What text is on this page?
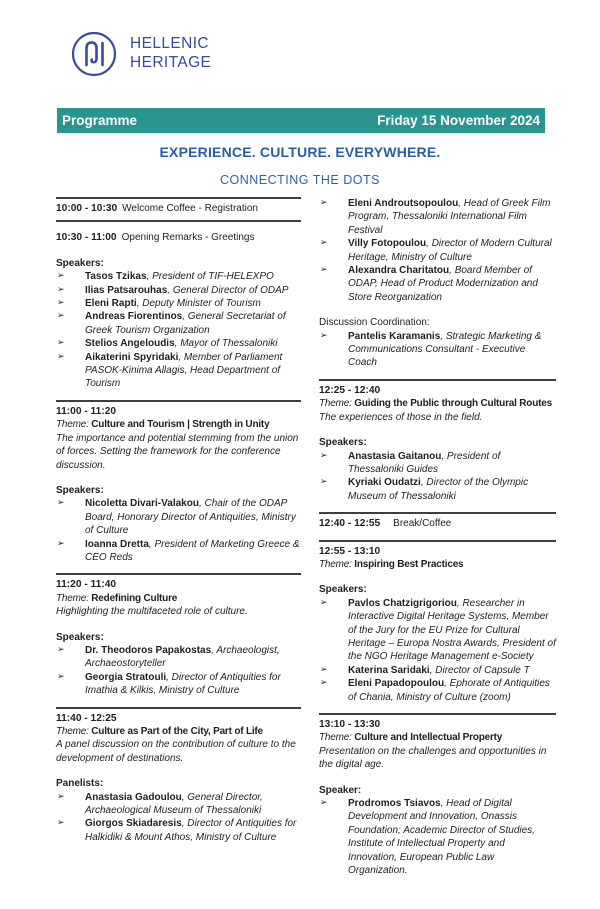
HELLENIC
HERITAGE
Programme	Friday 15 November 2024
EXPERIENCE. CULTURE. EVERYWHERE.
CONNECTING THE DOTS
10:00 - 10:30 Welcome Coffee - Registration
10:30 - 11:00 Opening Remarks - Greetings
Speakers:
➢	Tasos Tzikas, President of TIF-HELEXPO

➢	Ilias Patsarouhas, General Director of ODAP

➢	Eleni Rapti, Deputy Minister of Tourism

➢	Andreas Fiorentinos, General Secretariat of Greek Tourism Organization

➢	Stelios Angeloudis, Mayor of Thessaloniki

➢	Aikaterini Spyridaki, Member of Parliament PASOK-Kinima Allagis, Head Department of Tourism

11:00 - 11:20

Theme: Culture and Tourism | Strength in Unity

The importance and potential stemming from the union of forces. Setting the framework for the conference discussion.

Speakers:
➢	Nicoletta Divari-Valakou, Chair of the ODAP Board, Honorary Director of Antiquities, Ministry of Culture

➢	Ioanna Dretta, President of Marketing Greece & CEO Reds

11:20 - 11:40

Theme: Redefining Culture

Highlighting the multifaceted role of culture.

Speakers:
➢	Dr. Theodoros Papakostas, Archaeologist, Archaeostoryteller

➢	Georgia Stratouli, Director of Antiquities for Imathia & Kilkis, Ministry of Culture

11:40 - 12:25

Theme: Culture as Part of the City, Part of Life

A panel discussion on the contribution of culture to the development of destinations.

Panelists:
➢	Anastasia Gadoulou, General Director, Archaeological Museum of Thessaloniki

➢	Giorgos Skiadaresis, Director of Antiquities for Halkidiki & Mount Athos, Ministry of Culture

➢	Eleni Androutsopoulou, Head of Greek Film Program, Thessaloniki International Film Festival

➢	Villy Fotopoulou, Director of Modern Cultural Heritage, Ministry of Culture

➢	Alexandra Charitatou, Board Member of ODAP, Head of Product Modernization and Store Reorganization

Discussion Coordination:
➢	Pantelis Karamanis, Strategic Marketing & Communications Consultant - Executive Coach

12:25 - 12:40

Theme: Guiding the Public through Cultural Routes

The experiences of those in the field.

Speakers:
➢	Anastasia Gaitanou, President of Thessaloniki Guides

➢	Kyriaki Oudatzi, Director of the Olympic Museum of Thessaloniki

12:40 - 12:55 Break/Coffee
12:55 - 13:10

Theme: Inspiring Best Practices

Speakers:
➢	Pavlos Chatzigrigoriou, Researcher in Interactive Digital Heritage Systems, Member of the Jury for the EU Prize for Cultural Heritage – Europa Nostra Awards, President of the NGO Heritage Management e-Society

➢	Katerina Saridaki, Director of Capsule T

➢	Eleni Papadopoulou, Ephorate of Antiquities of Chania, Ministry of Culture (zoom)

13:10 - 13:30

Theme: Culture and Intellectual Property

Presentation on the challenges and opportunities in the digital age.

Speaker:
➢	Prodromos Tsiavos, Head of Digital Development and Innovation, Onassis Foundation; Academic Director of Studies, Institute of Intellectual Property and Innovation, European Public Law Organization.
